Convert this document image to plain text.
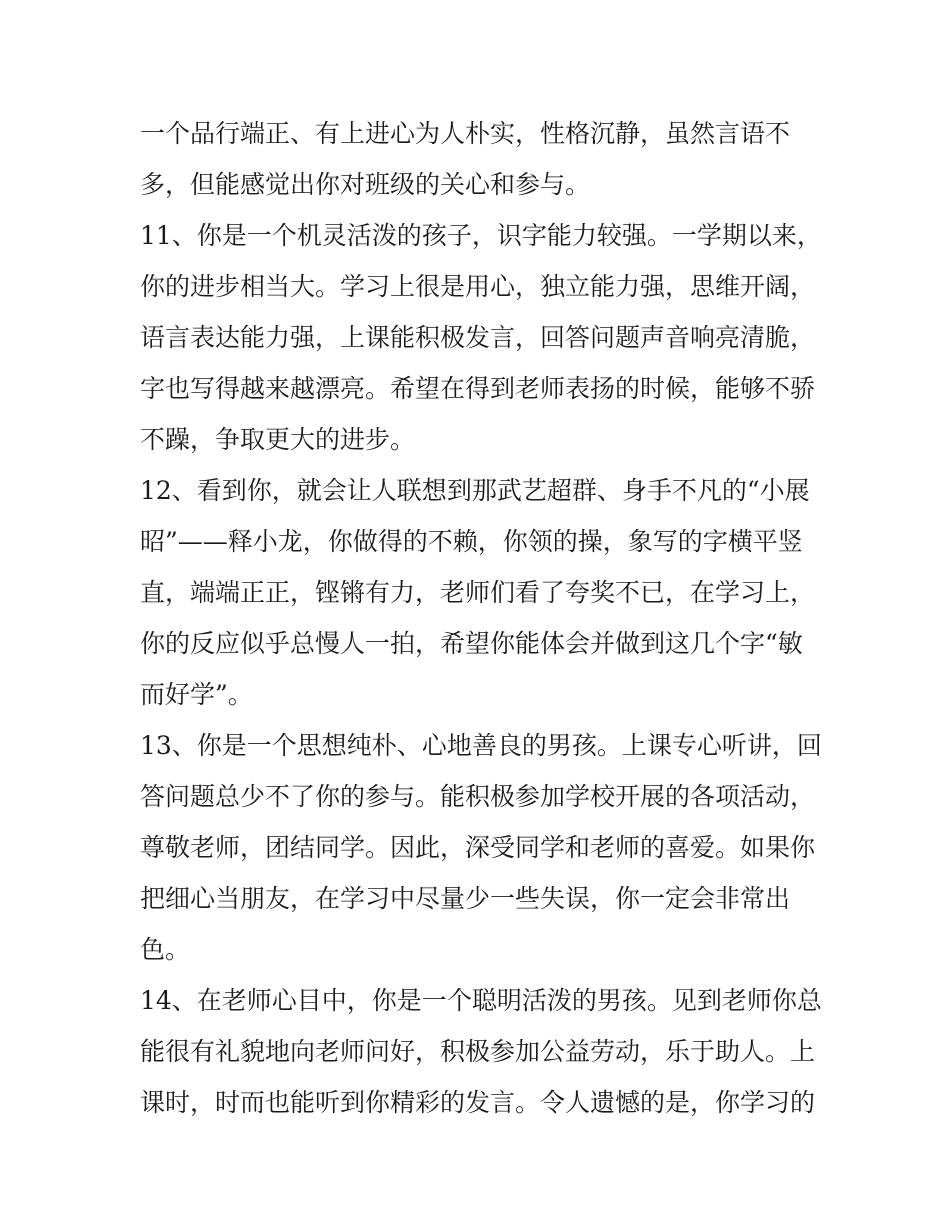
一个品行端正、有上进心为人朴实，性格沉静，虽然言语不
多，但能感觉出你对班级的关心和参与。
11、你是一个机灵活泼的孩子，识字能力较强。一学期以来，
你的进步相当大。学习上很是用心，独立能力强，思维开阔，
语言表达能力强，上课能积极发言，回答问题声音响亮清脆，
字也写得越来越漂亮。希望在得到老师表扬的时候，能够不骄
不躁，争取更大的进步。
12、看到你，就会让人联想到那武艺超群、身手不凡的“小展
昭”——释小龙，你做得的不赖，你领的操，象写的字横平竖
直，端端正正，铿锵有力，老师们看了夸奖不已，在学习上，
你的反应似乎总慢人一拍，希望你能体会并做到这几个字“敏
而好学”。
13、你是一个思想纯朴、心地善良的男孩。上课专心听讲，回
答问题总少不了你的参与。能积极参加学校开展的各项活动，
尊敬老师，团结同学。因此，深受同学和老师的喜爱。如果你
把细心当朋友，在学习中尽量少一些失误，你一定会非常出
色。
14、在老师心目中，你是一个聪明活泼的男孩。见到老师你总
能很有礼貌地向老师问好，积极参加公益劳动，乐于助人。上
课时，时而也能听到你精彩的发言。令人遗憾的是，你学习的
